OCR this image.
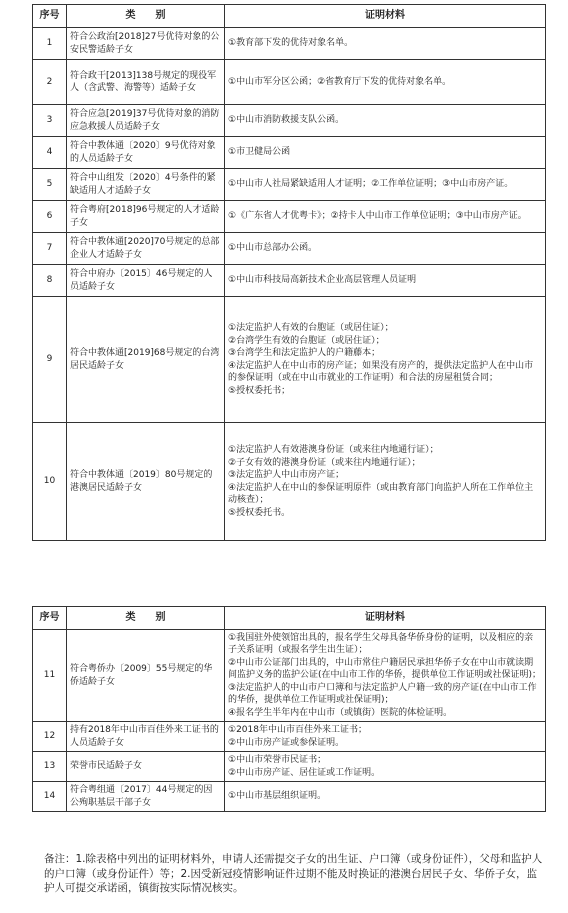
序号	类　　别	证明材料
1	符合公政治[2018]27号优待对象的公安民警适龄子女	①教育部下发的优待对象名单。

2	符合政干[2013]138号规定的现役军人（含武警、海警等）适龄子女	①中山市军分区公函；②省教育厅下发的优待对象名单。

3	符合应急[2019]37号优待对象的消防应急救援人员适龄子女	①中山市消防救援支队公函。

4	符合中教体通〔2020〕9号优待对象的人员适龄子女	①市卫健局公函

5	符合中山组发〔2020〕4号条件的紧缺适用人才适龄子女	①中山市人社局紧缺适用人才证明；②工作单位证明；③中山市房产证。

6	符合粤府[2018]96号规定的人才适龄子女	①《广东省人才优粤卡》；②持卡人中山市工作单位证明；③中山市房产证。

7	符合中教体通[2020]70号规定的总部企业人才适龄子女	①中山市总部办公函。

8	符合中府办〔2015〕46号规定的人员适龄子女	①中山市科技局高新技术企业高层管理人员证明

9	符合中教体通[2019]68号规定的台湾居民适龄子女	①法定监护人有效的台胞证（或居住证）；
②台湾学生有效的台胞证（或居住证）；
③台湾学生和法定监护人的户籍藤本；
④法定监护人在中山市的房产证；如果没有房产的，提供法定监护人在中山市的参保证明（或在中山市就业的工作证明）和合法的房屋租赁合同；
⑤授权委托书；

10	符合中教体通〔2019〕80号规定的港澳居民适龄子女	①法定监护人有效港澳身份证（或来往内地通行证）；
②子女有效的港澳身份证（或来往内地通行证）；
③法定监护人中山市房产证；
④法定监护人在中山的参保证明原件（或由教育部门向监护人所在工作单位主动核查）；
⑤授权委托书。
序号	类　　别	证明材料
11	符合粤侨办〔2009〕55号规定的华侨适龄子女	①我国驻外使领馆出具的，报名学生父母具备华侨身份的证明，以及相应的亲子关系证明（或报名学生出生证）；
②中山市公证部门出具的，中山市常住户籍居民承担华侨子女在中山市就读期间监护义务的监护公证(在中山市工作的华侨，提供单位工作证明或社保证明)；
③法定监护人的中山市户口簿和与法定监护人户籍一致的房产证(在中山市工作的华侨，提供单位工作证明或社保证明)；
④报名学生半年内在中山市（或镇街）医院的体检证明。

12	持有2018年中山市百佳外来工证书的人员适龄子女	①2018年中山市百佳外来工证书；
②中山市房产证或参保证明。

13	荣誉市民适龄子女	①中山市荣誉市民证书；
②中山市房产证、居住证或工作证明。

14	符合粤组通〔2017〕44号规定的因公殉职基层干部子女	①中山市基层组织证明。
备注：1.除表格中列出的证明材料外，申请人还需提交子女的出生证、户口簿（或身份证件），父母和监护人的户口簿（或身份证件）等；2.因受新冠疫情影响证件过期不能及时换证的港澳台居民子女、华侨子女，监护人可提交承诺函，镇街按实际情况核实。
